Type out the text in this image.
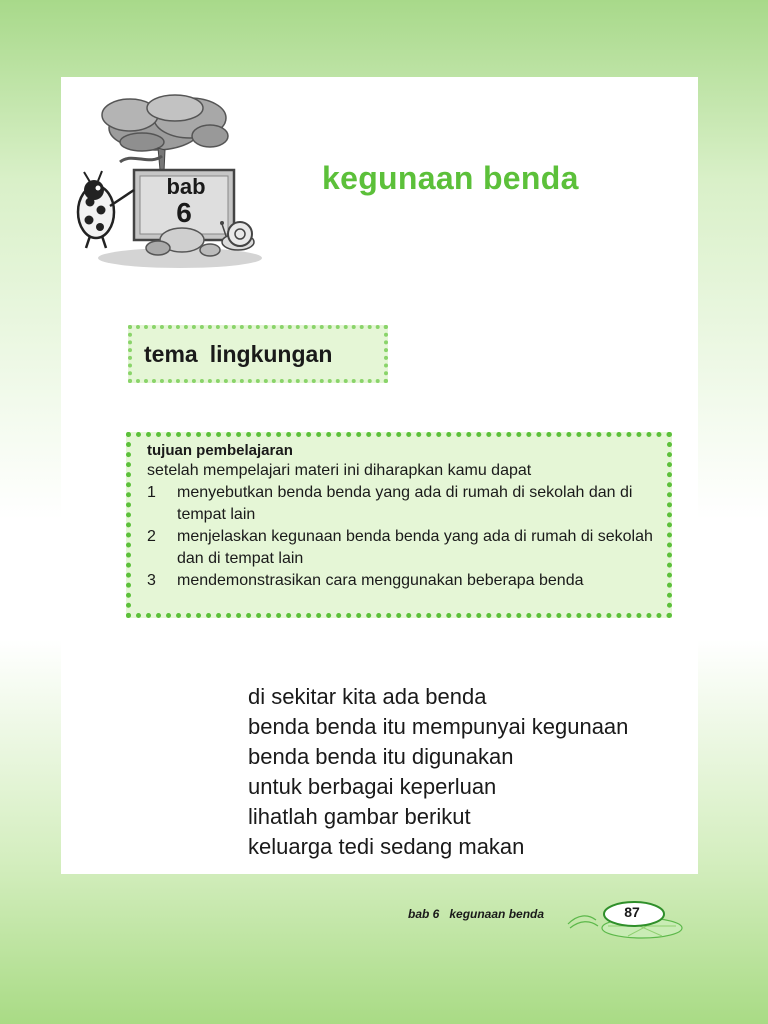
bab
6
kegunaan benda
tema lingkungan
tujuan pembelajaran
setelah mempelajari materi ini diharapkan kamu dapat
1	menyebutkan benda benda yang ada di rumah di sekolah dan di tempat lain
2	menjelaskan kegunaan benda benda yang ada di rumah di sekolah dan di tempat lain
3	mendemonstrasikan cara menggunakan beberapa benda
di sekitar kita ada benda
benda benda itu mempunyai kegunaan
benda benda itu digunakan
untuk berbagai keperluan
lihatlah gambar berikut
keluarga tedi sedang makan
bab 6 kegunaan benda	87
